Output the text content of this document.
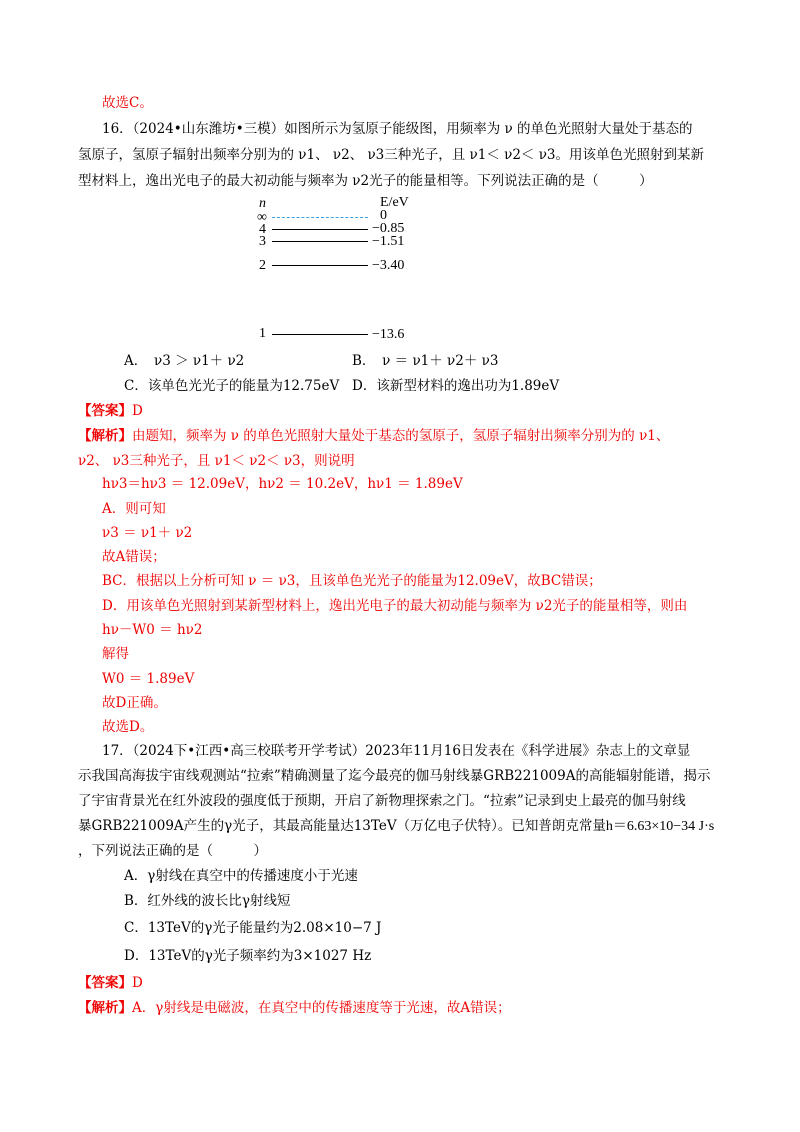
故选C。
16．（2024•山东潍坊•三模）如图所示为氢原子能级图，用频率为 ν 的单色光照射大量处于基态的
氢原子，氢原子辐射出频率分别为的 ν1、 ν2、 ν3三种光子，且 ν1＜ ν2＜ ν3。用该单色光照射到某新
型材料上，逸出光电子的最大初动能与频率为 ν2光子的能量相等。下列说法正确的是（　　　）
n	E/eV
∞	0
4	−0.85
3	−1.51
2	−3.40
1	−13.6
A．　ν3 ＞ ν1＋ ν2	B．　ν ＝ ν1＋ ν2＋ ν3
C．该单色光光子的能量为12.75eV D．该新型材料的逸出功为1.89eV
【答案】D
【解析】由题知，频率为 ν 的单色光照射大量处于基态的氢原子，氢原子辐射出频率分别为的 ν1、
ν2、 ν3三种光子，且 ν1＜ ν2＜ ν3，则说明
hν3＝hν3 ＝ 12.09eV，hν2 ＝ 10.2eV，hν1 ＝ 1.89eV
A．则可知
ν3 ＝ ν1＋ ν2
故A错误；
BC．根据以上分析可知 ν ＝ ν3，且该单色光光子的能量为12.09eV，故BC错误；
D．用该单色光照射到某新型材料上，逸出光电子的最大初动能与频率为 ν2光子的能量相等，则由
hν－W0 ＝ hν2
解得
W0 ＝ 1.89eV
故D正确。
故选D。
17．（2024下•江西•高三校联考开学考试）2023年11月16日发表在《科学进展》杂志上的文章显
示我国高海拔宇宙线观测站“拉索”精确测量了迄今最亮的伽马射线暴GRB221009A的高能辐射能谱，揭示
了宇宙背景光在红外波段的强度低于预期，开启了新物理探索之门。“拉索”记录到史上最亮的伽马射线
暴GRB221009A产生的γ光子，其最高能量达13TeV（万亿电子伏特）。已知普朗克常量h＝6.63×10−34 J·s
，下列说法正确的是（　　　）
A．γ射线在真空中的传播速度小于光速
B．红外线的波长比γ射线短
C．13TeV的γ光子能量约为2.08×10−7 J
D．13TeV的γ光子频率约为3×1027 Hz
【答案】D
【解析】A．γ射线是电磁波，在真空中的传播速度等于光速，故A错误；
